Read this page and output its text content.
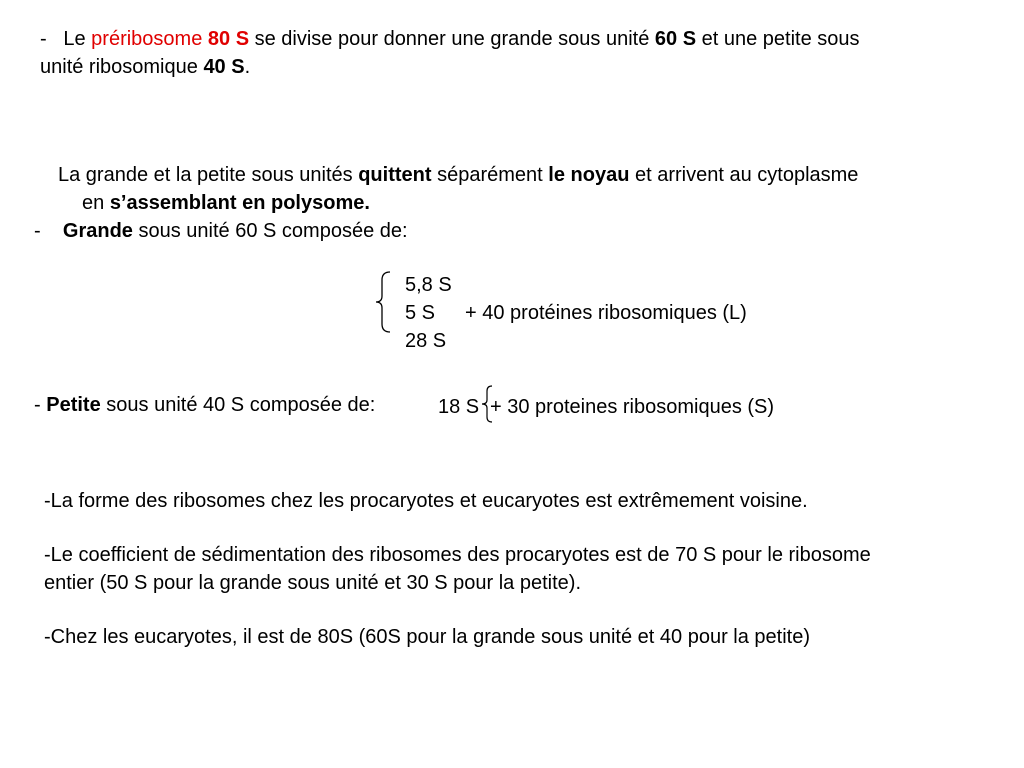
- Le préribosome 80 S se divise pour donner une grande sous unité 60 S et une petite sous
unité ribosomique 40 S.
La grande et la petite sous unités quittent séparément le noyau et arrivent au cytoplasme
en s’assemblant en polysome.
- Grande sous unité 60 S composée de:
5,8 S
5 S + 40 protéines ribosomiques (L)
28 S
- Petite sous unité 40 S composée de:	18 S + 30 proteines ribosomiques (S)
-La forme des ribosomes chez les procaryotes et eucaryotes est extrêmement voisine.
-Le coefficient de sédimentation des ribosomes des procaryotes est de 70 S pour le ribosome
entier (50 S pour la grande sous unité et 30 S pour la petite).
-Chez les eucaryotes, il est de 80S (60S pour la grande sous unité et 40 pour la petite)
